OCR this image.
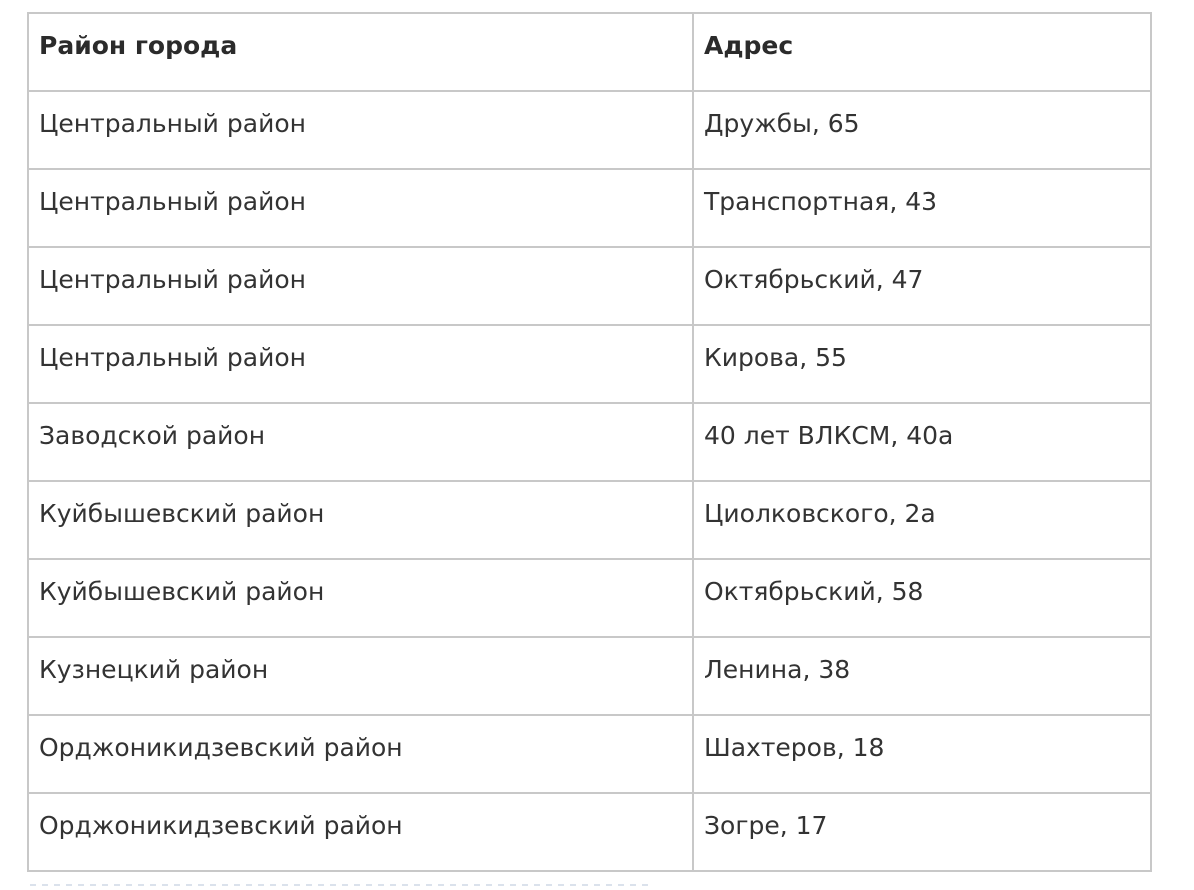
Район города	Адрес

Центральный район	Дружбы, 65

Центральный район	Транспортная, 43

Центральный район	Октябрьский, 47

Центральный район	Кирова, 55

Заводской район	40 лет ВЛКСМ, 40а

Куйбышевский район	Циолковского, 2а

Куйбышевский район	Октябрьский, 58

Кузнецкий район	Ленина, 38

Орджоникидзевский район	Шахтеров, 18

Орджоникидзевский район	Зогре, 17
